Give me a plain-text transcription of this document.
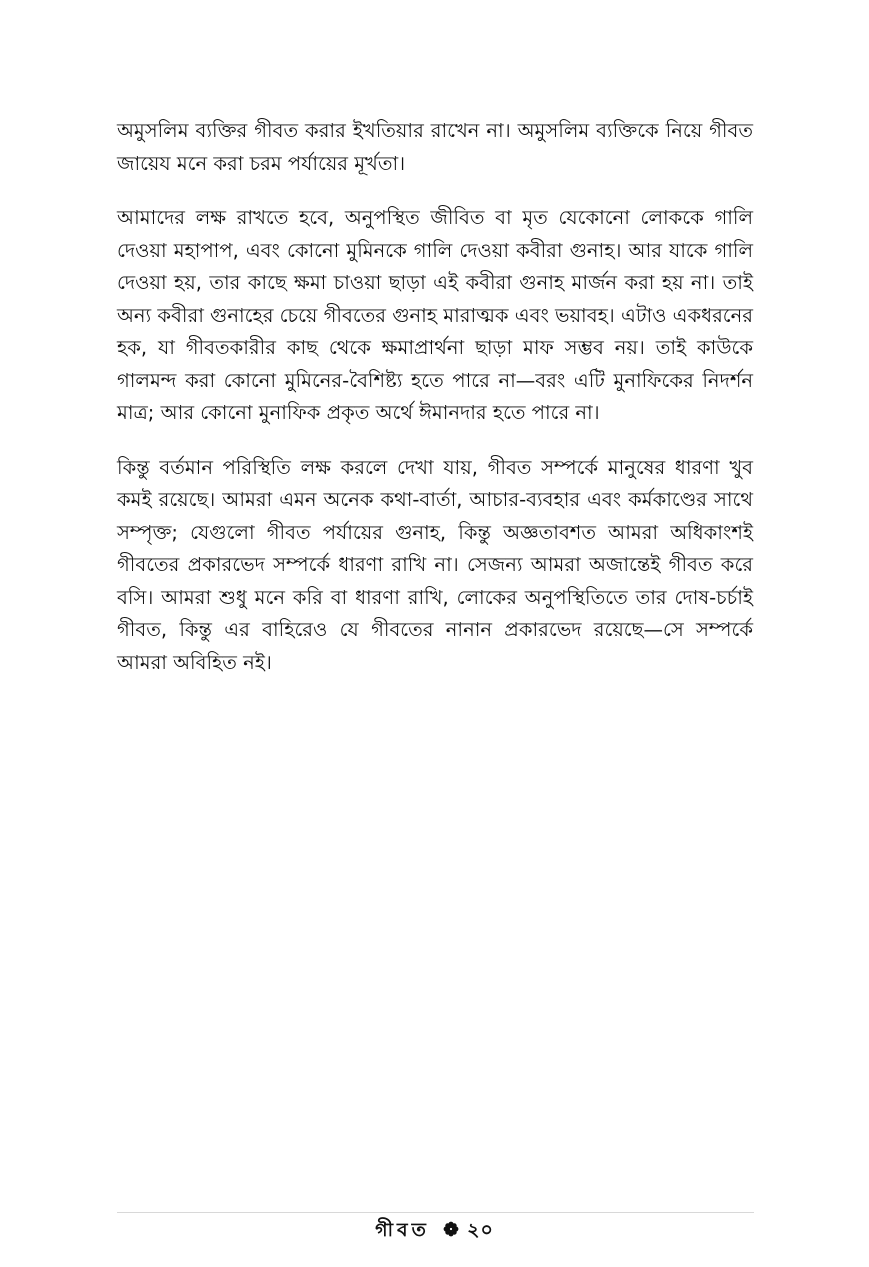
অমুসলিম ব্যক্তির গীবত করার ইখতিয়ার রাখেন না। অমুসলিম ব্যক্তিকে নিয়ে গীবত জায়েয মনে করা চরম পর্যায়ের মূর্খতা।

আমাদের লক্ষ রাখতে হবে, অনুপস্থিত জীবিত বা মৃত যেকোনো লোককে গালি দেওয়া মহাপাপ, এবং কোনো মুমিনকে গালি দেওয়া কবীরা গুনাহ। আর যাকে গালি দেওয়া হয়, তার কাছে ক্ষমা চাওয়া ছাড়া এই কবীরা গুনাহ মার্জন করা হয় না। তাই অন্য কবীরা গুনাহের চেয়ে গীবতের গুনাহ মারাত্মক এবং ভয়াবহ। এটাও একধরনের হক, যা গীবতকারীর কাছ থেকে ক্ষমাপ্রার্থনা ছাড়া মাফ সম্ভব নয়। তাই কাউকে গালমন্দ করা কোনো মুমিনের-বৈশিষ্ট্য হতে পারে না—বরং এটি মুনাফিকের নিদর্শন মাত্র; আর কোনো মুনাফিক প্রকৃত অর্থে ঈমানদার হতে পারে না।

কিন্তু বর্তমান পরিস্থিতি লক্ষ করলে দেখা যায়, গীবত সম্পর্কে মানুষের ধারণা খুব কমই রয়েছে। আমরা এমন অনেক কথা-বার্তা, আচার-ব্যবহার এবং কর্মকাণ্ডের সাথে সম্পৃক্ত; যেগুলো গীবত পর্যায়ের গুনাহ, কিন্তু অজ্ঞতাবশত আমরা অধিকাংশই গীবতের প্রকারভেদ সম্পর্কে ধারণা রাখি না। সেজন্য আমরা অজান্তেই গীবত করে বসি। আমরা শুধু মনে করি বা ধারণা রাখি, লোকের অনুপস্থিতিতে তার দোষ-চর্চাই গীবত, কিন্তু এর বাহিরেও যে গীবতের নানান প্রকারভেদ রয়েছে—সে সম্পর্কে আমরা অবিহিত নই।

গীবত ২০
